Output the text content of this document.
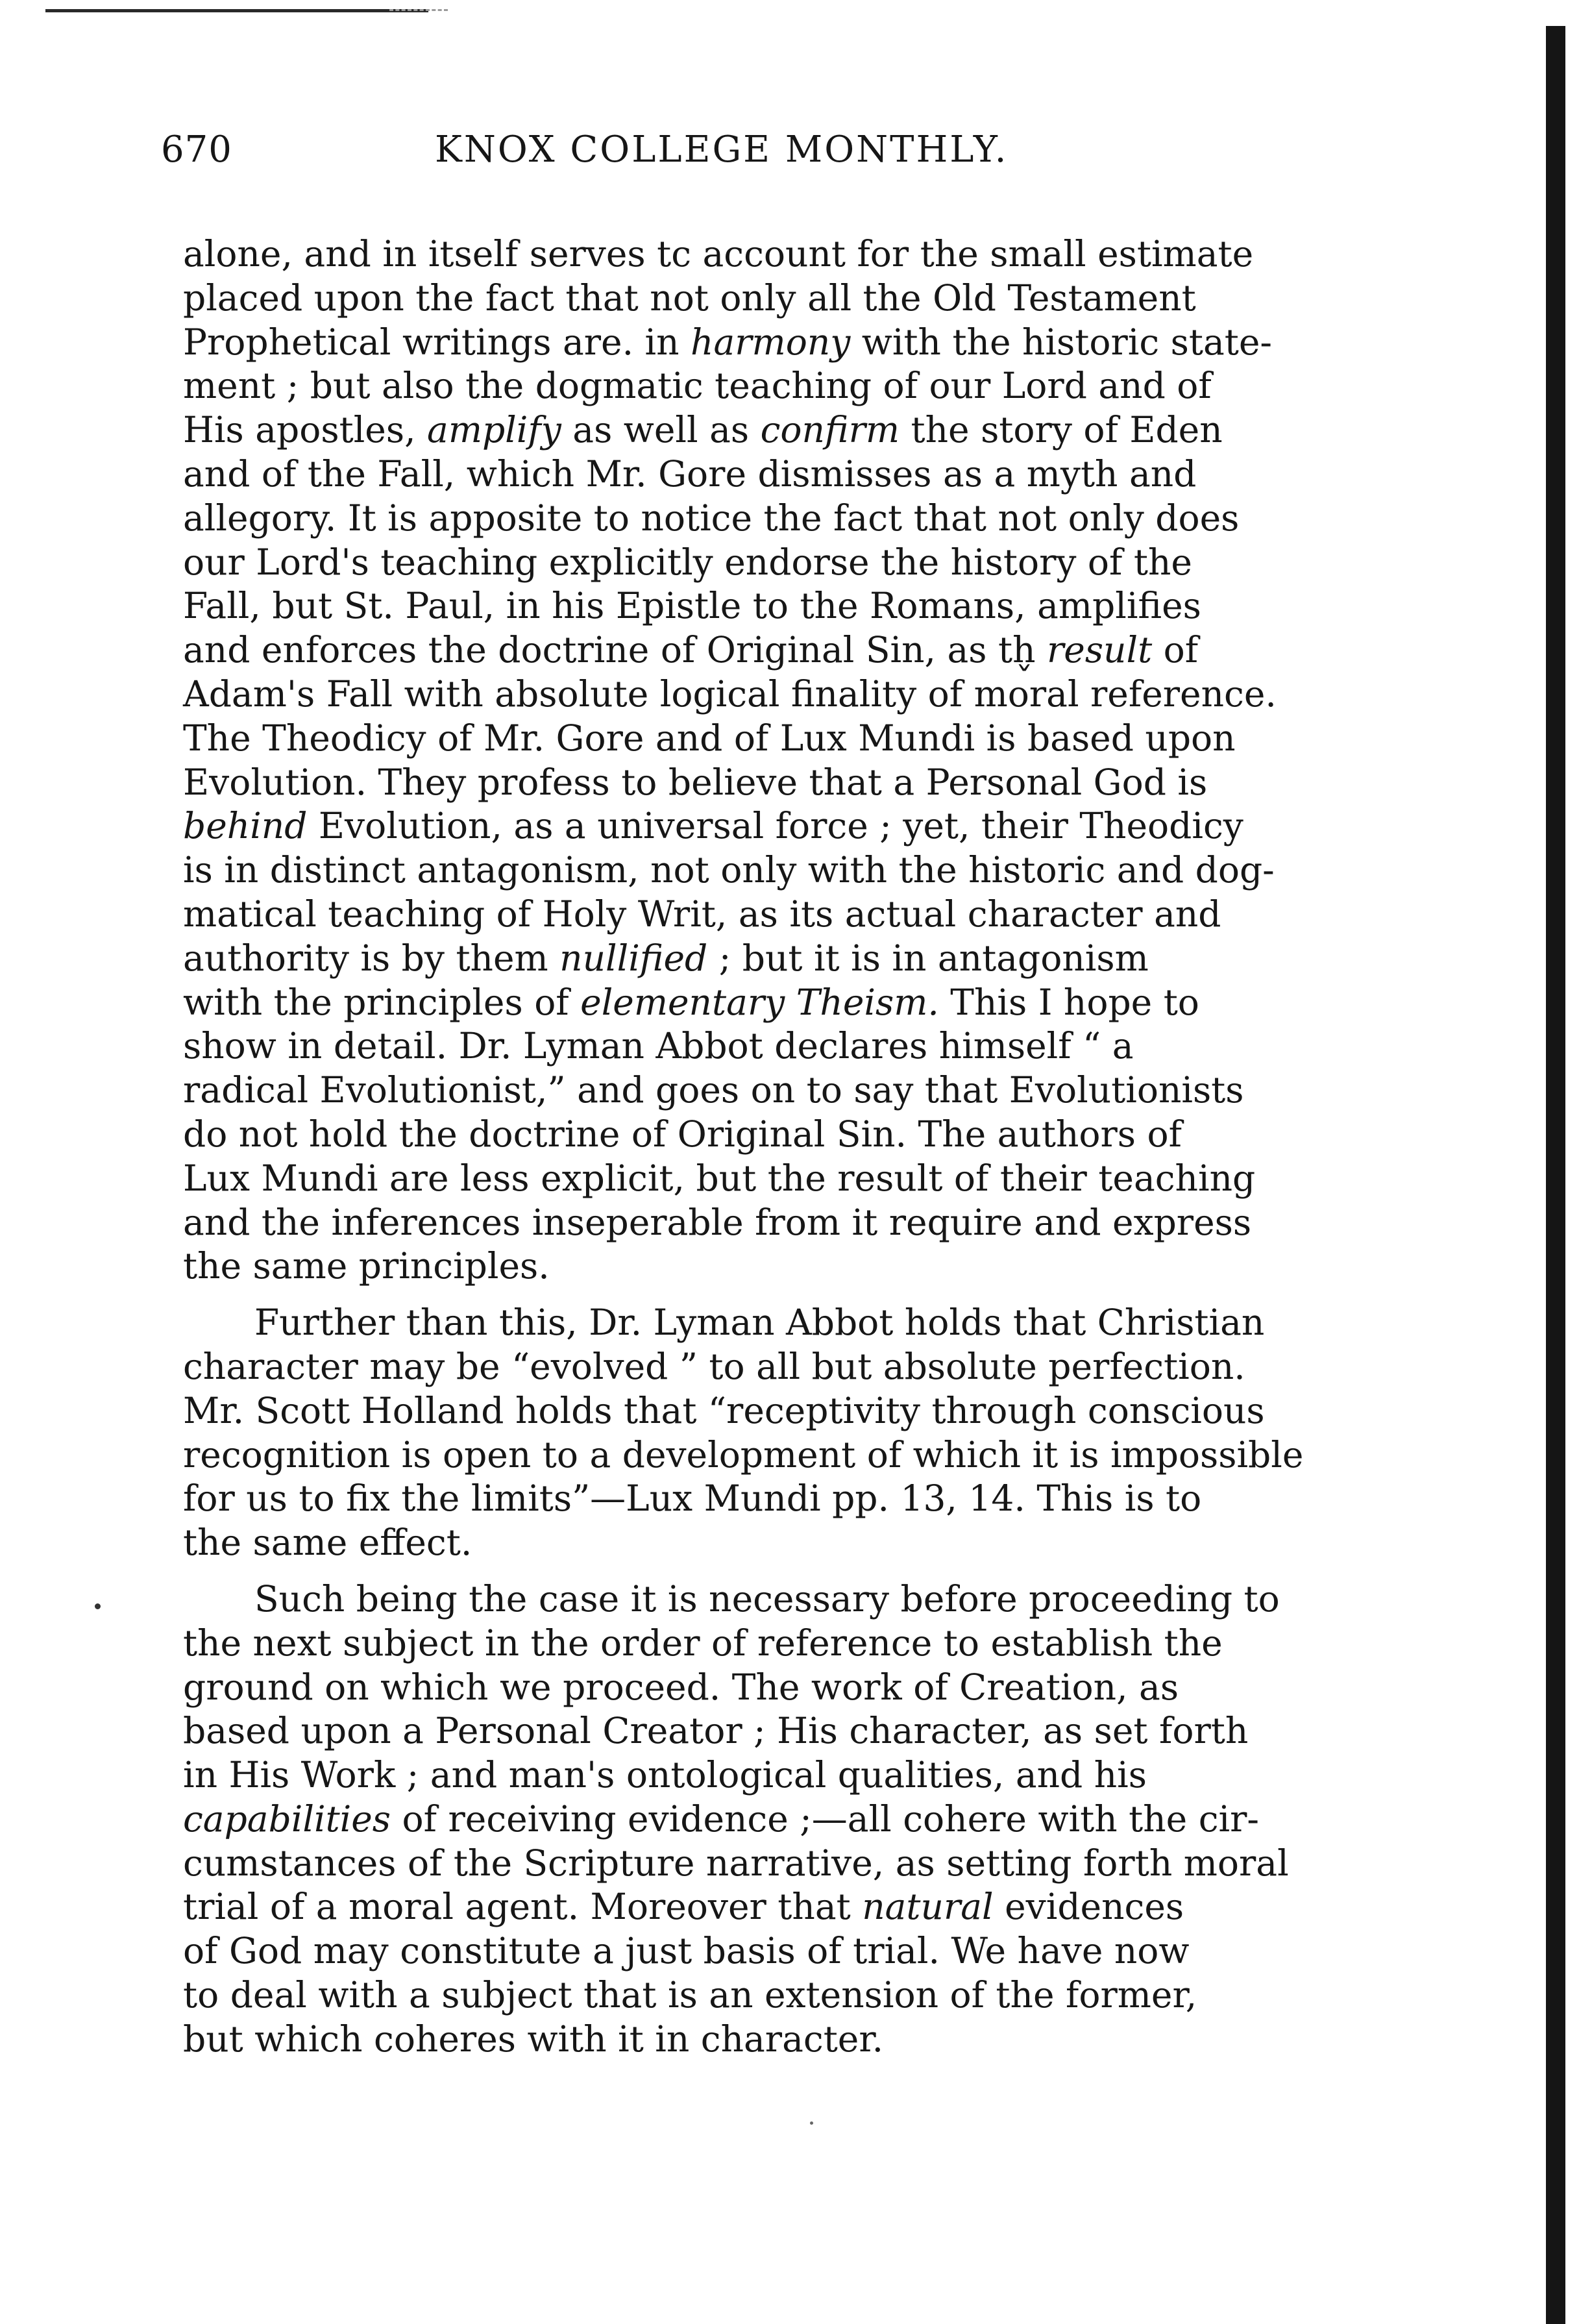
670	KNOX COLLEGE MONTHLY.
alone, and in itself serves tc account for the small estimate
placed upon the fact that not only all the Old Testament
Prophetical writings are. in harmony with the historic state-
ment ; but also the dogmatic teaching of our Lord and of
His apostles, amplify as well as confirm the story of Eden
and of the Fall, which Mr. Gore dismisses as a myth and
allegory. It is apposite to notice the fact that not only does
our Lord's teaching explicitly endorse the history of the
Fall, but St. Paul, in his Epistle to the Romans, amplifies
and enforces the doctrine of Original Sin, as th̬ result of
Adam's Fall with absolute logical finality of moral reference.
The Theodicy of Mr. Gore and of Lux Mundi is based upon
Evolution. They profess to believe that a Personal God is
behind Evolution, as a universal force ; yet, their Theodicy
is in distinct antagonism, not only with the historic and dog-
matical teaching of Holy Writ, as its actual character and
authority is by them nullified ; but it is in antagonism
with the principles of elementary Theism. This I hope to
show in detail. Dr. Lyman Abbot declares himself “ a
radical Evolutionist,” and goes on to say that Evolutionists
do not hold the doctrine of Original Sin. The authors of
Lux Mundi are less explicit, but the result of their teaching
and the inferences inseperable from it require and express
the same principles.
Further than this, Dr. Lyman Abbot holds that Christian
character may be “evolved ” to all but absolute perfection.
Mr. Scott Holland holds that “receptivity through conscious
recognition is open to a development of which it is impossible
for us to fix the limits”—Lux Mundi pp. 13, 14. This is to
the same effect.
Such being the case it is necessary before proceeding to
the next subject in the order of reference to establish the
ground on which we proceed. The work of Creation, as
based upon a Personal Creator ; His character, as set forth
in His Work ; and man's ontological qualities, and his
capabilities of receiving evidence ;—all cohere with the cir-
cumstances of the Scripture narrative, as setting forth moral
trial of a moral agent. Moreover that natural evidences
of God may constitute a just basis of trial. We have now
to deal with a subject that is an extension of the former,
but which coheres with it in character.
